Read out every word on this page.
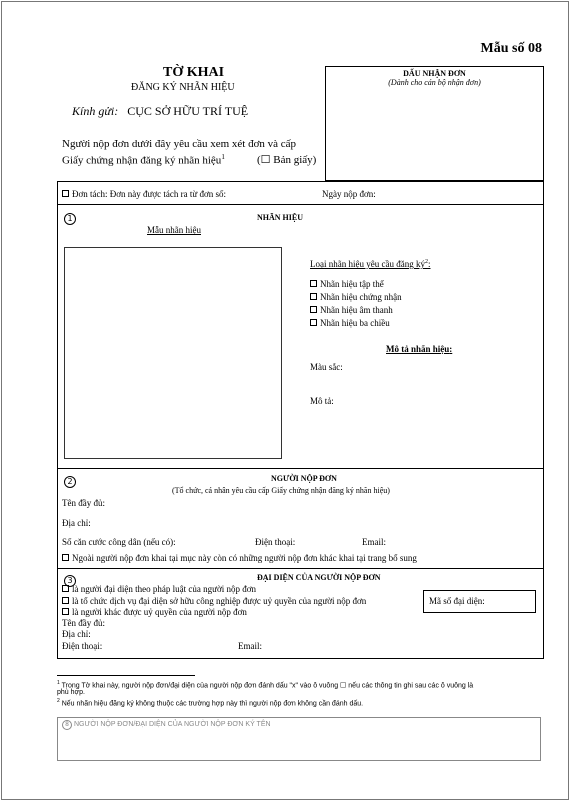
Mẫu số 08
TỜ KHAI
ĐĂNG KÝ NHÃN HIỆU
Kính gửi: CỤC SỞ HỮU TRÍ TUỆ
Người nộp đơn dưới đây yêu cầu xem xét đơn và cấp
Giấy chứng nhận đăng ký nhãn hiệu$^1$	(☐ Bản giấy)
DẤU NHẬN ĐƠN
(Dành cho cán bộ nhận đơn)
Đơn tách: Đơn này được tách ra từ đơn số:	Ngày nộp đơn:
1	NHÃN HIỆU
Mẫu nhãn hiệu
Loại nhãn hiệu yêu cầu đăng $ký^2$:
Nhãn hiệu tập thể
Nhãn hiệu chứng nhận
Nhãn hiệu âm thanh
Nhãn hiệu ba chiều
Mô tả nhãn hiệu:
Màu sắc:
Mô tả:
2	NGƯỜI NỘP ĐƠN
(Tổ chức, cá nhân yêu cầu cấp Giấy chứng nhận đăng ký nhãn hiệu)
Tên đầy đủ:
Địa chỉ:
Số căn cước công dân (nếu có):	Điện thoại:	Email:
Ngoài người nộp đơn khai tại mục này còn có những người nộp đơn khác khai tại trang bổ sung
3	ĐẠI DIỆN CỦA NGƯỜI NỘP ĐƠN
là người đại diện theo pháp luật của người nộp đơn
là tổ chức dịch vụ đại diện sở hữu công nghiệp được uỷ quyền của người nộp đơn
là người khác được uỷ quyền của người nộp đơn
Mã số đại diện:
Tên đầy đủ:
Địa chỉ:
Điện thoại:	Email:
$^1$ Trong Tờ khai này, người nộp đơn/đại diện của người nộp đơn đánh dấu "x" vào ô vuông ☐ nếu các thông tin ghi sau các ô vuông là
phù hợp.
$^2$ Nếu nhãn hiệu đăng ký không thuộc các trường hợp này thì người nộp đơn không cần đánh dấu.
8 NGƯỜI NỘP ĐƠN/ĐẠI DIỆN CỦA NGƯỜI NỘP ĐƠN KÝ TÊN
